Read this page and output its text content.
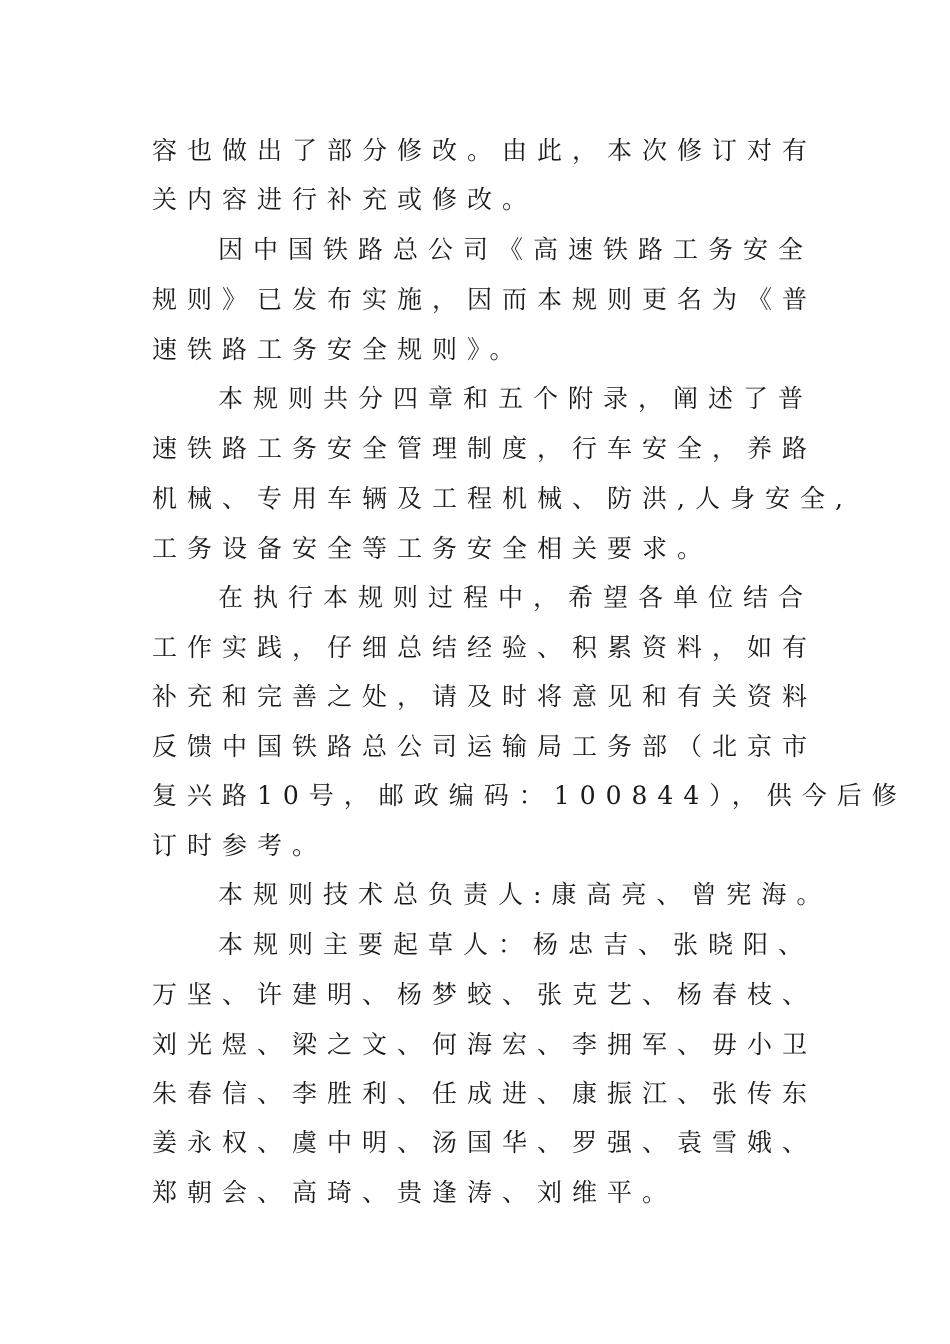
容也做出了部分修改。由此，本次修订对有
关内容进行补充或修改。
因中国铁路总公司《高速铁路工务安全
规则》已发布实施，因而本规则更名为《普
速铁路工务安全规则》。
本规则共分四章和五个附录，阐述了普
速铁路工务安全管理制度，行车安全，养路
机械、专用车辆及工程机械、防洪,人身安全,
工务设备安全等工务安全相关要求。
在执行本规则过程中，希望各单位结合
工作实践，仔细总结经验、积累资料，如有
补充和完善之处，请及时将意见和有关资料
反馈中国铁路总公司运输局工务部（北京市
复兴路10号，邮政编码：100844），供今后修
订时参考。
本规则技术总负责人:康高亮、曾宪海。
本规则主要起草人：杨忠吉、张晓阳、
万坚、许建明、杨梦蛟、张克艺、杨春枝、
刘光煜、梁之文、何海宏、李拥军、毋小卫
朱春信、李胜利、任成进、康振江、张传东
姜永权、虞中明、汤国华、罗强、袁雪娥、
郑朝会、高琦、贵逢涛、刘维平。
